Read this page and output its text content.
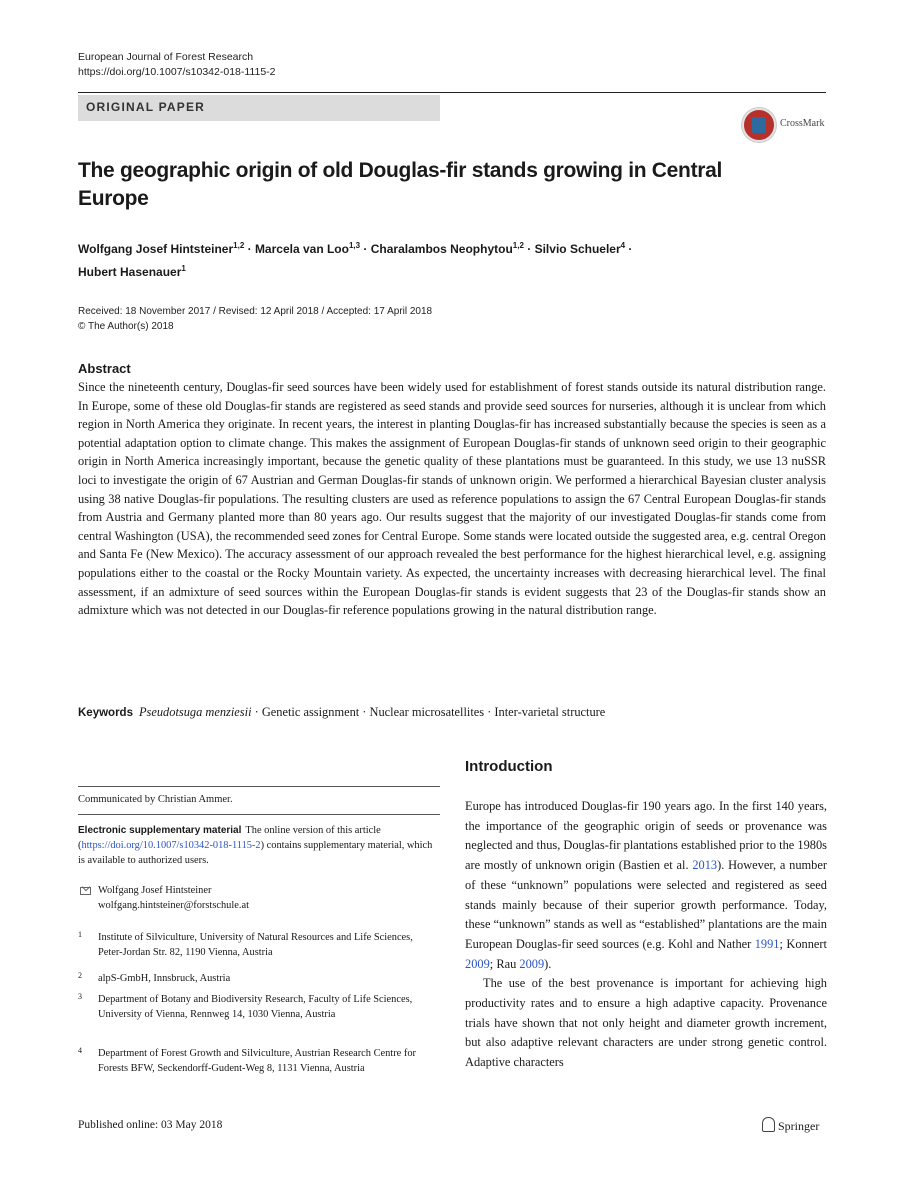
European Journal of Forest Research
https://doi.org/10.1007/s10342-018-1115-2
ORIGINAL PAPER
CrossMark
The geographic origin of old Douglas-fir stands growing in Central Europe
Wolfgang Josef Hintsteiner$^{1,2}$ · Marcela van Loo$^{1,3}$ · Charalambos Neophytou$^{1,2}$ · Silvio Schueler$^4$ ·
Hubert Hasenauer$^1$
Received: 18 November 2017 / Revised: 12 April 2018 / Accepted: 17 April 2018
© The Author(s) 2018
Abstract
Since the nineteenth century, Douglas-fir seed sources have been widely used for establishment of forest stands outside its natural distribution range. In Europe, some of these old Douglas-fir stands are registered as seed stands and provide seed sources for nurseries, although it is unclear from which region in North America they originate. In recent years, the interest in planting Douglas-fir has increased substantially because the species is seen as a potential adaptation option to climate change. This makes the assignment of European Douglas-fir stands of unknown seed origin to their geographic origin in North America increasingly important, because the genetic quality of these plantations must be guaranteed. In this study, we use 13 nuSSR loci to investigate the origin of 67 Austrian and German Douglas-fir stands of unknown origin. We performed a hierarchical Bayesian cluster analysis using 38 native Douglas-fir populations. The resulting clusters are used as reference populations to assign the 67 Central European Douglas-fir stands from Austria and Germany planted more than 80 years ago. Our results suggest that the majority of our investigated Douglas-fir stands come from central Washington (USA), the recommended seed zones for Central Europe. Some stands were located outside the suggested area, e.g. central Oregon and Santa Fe (New Mexico). The accuracy assessment of our approach revealed the best performance for the highest hierarchical level, e.g. assigning populations either to the coastal or the Rocky Mountain variety. As expected, the uncertainty increases with decreasing hierarchical level. The final assessment, if an admixture of seed sources within the European Douglas-fir stands is evident suggests that 23 of the Douglas-fir stands show an admixture which was not detected in our Douglas-fir reference populations growing in the natural distribution range.
Keywords Pseudotsuga menziesii · Genetic assignment · Nuclear microsatellites · Inter-varietal structure
Communicated by Christian Ammer.
Electronic supplementary material The online version of this article (https://doi.org/10.1007/s10342-018-1115-2) contains supplementary material, which is available to authorized users.
Wolfgang Josef Hintsteiner
wolfgang.hintsteiner@forstschule.at
1 Institute of Silviculture, University of Natural Resources and Life Sciences, Peter-Jordan Str. 82, 1190 Vienna, Austria
2 alpS-GmbH, Innsbruck, Austria
3 Department of Botany and Biodiversity Research, Faculty of Life Sciences, University of Vienna, Rennweg 14, 1030 Vienna, Austria
4 Department of Forest Growth and Silviculture, Austrian Research Centre for Forests BFW, Seckendorff-Gudent-Weg 8, 1131 Vienna, Austria
Introduction

Europe has introduced Douglas-fir 190 years ago. In the first 140 years, the importance of the geographic origin of seeds or provenance was neglected and thus, Douglas-fir plantations established prior to the 1980s are mostly of unknown origin (Bastien et al. 2013). However, a number of these “unknown” populations were selected and registered as seed stands mainly because of their superior growth performance. Today, these “unknown” stands as well as “established” plantations are the main European Douglas-fir seed sources (e.g. Kohl and Nather 1991; Konnert 2009; Rau 2009).

The use of the best provenance is important for achieving high productivity rates and to ensure a high adaptive capacity. Provenance trials have shown that not only height and diameter growth increment, but also adaptive relevant characters are under strong genetic control. Adaptive characters

Published online: 03 May 2018	Springer
